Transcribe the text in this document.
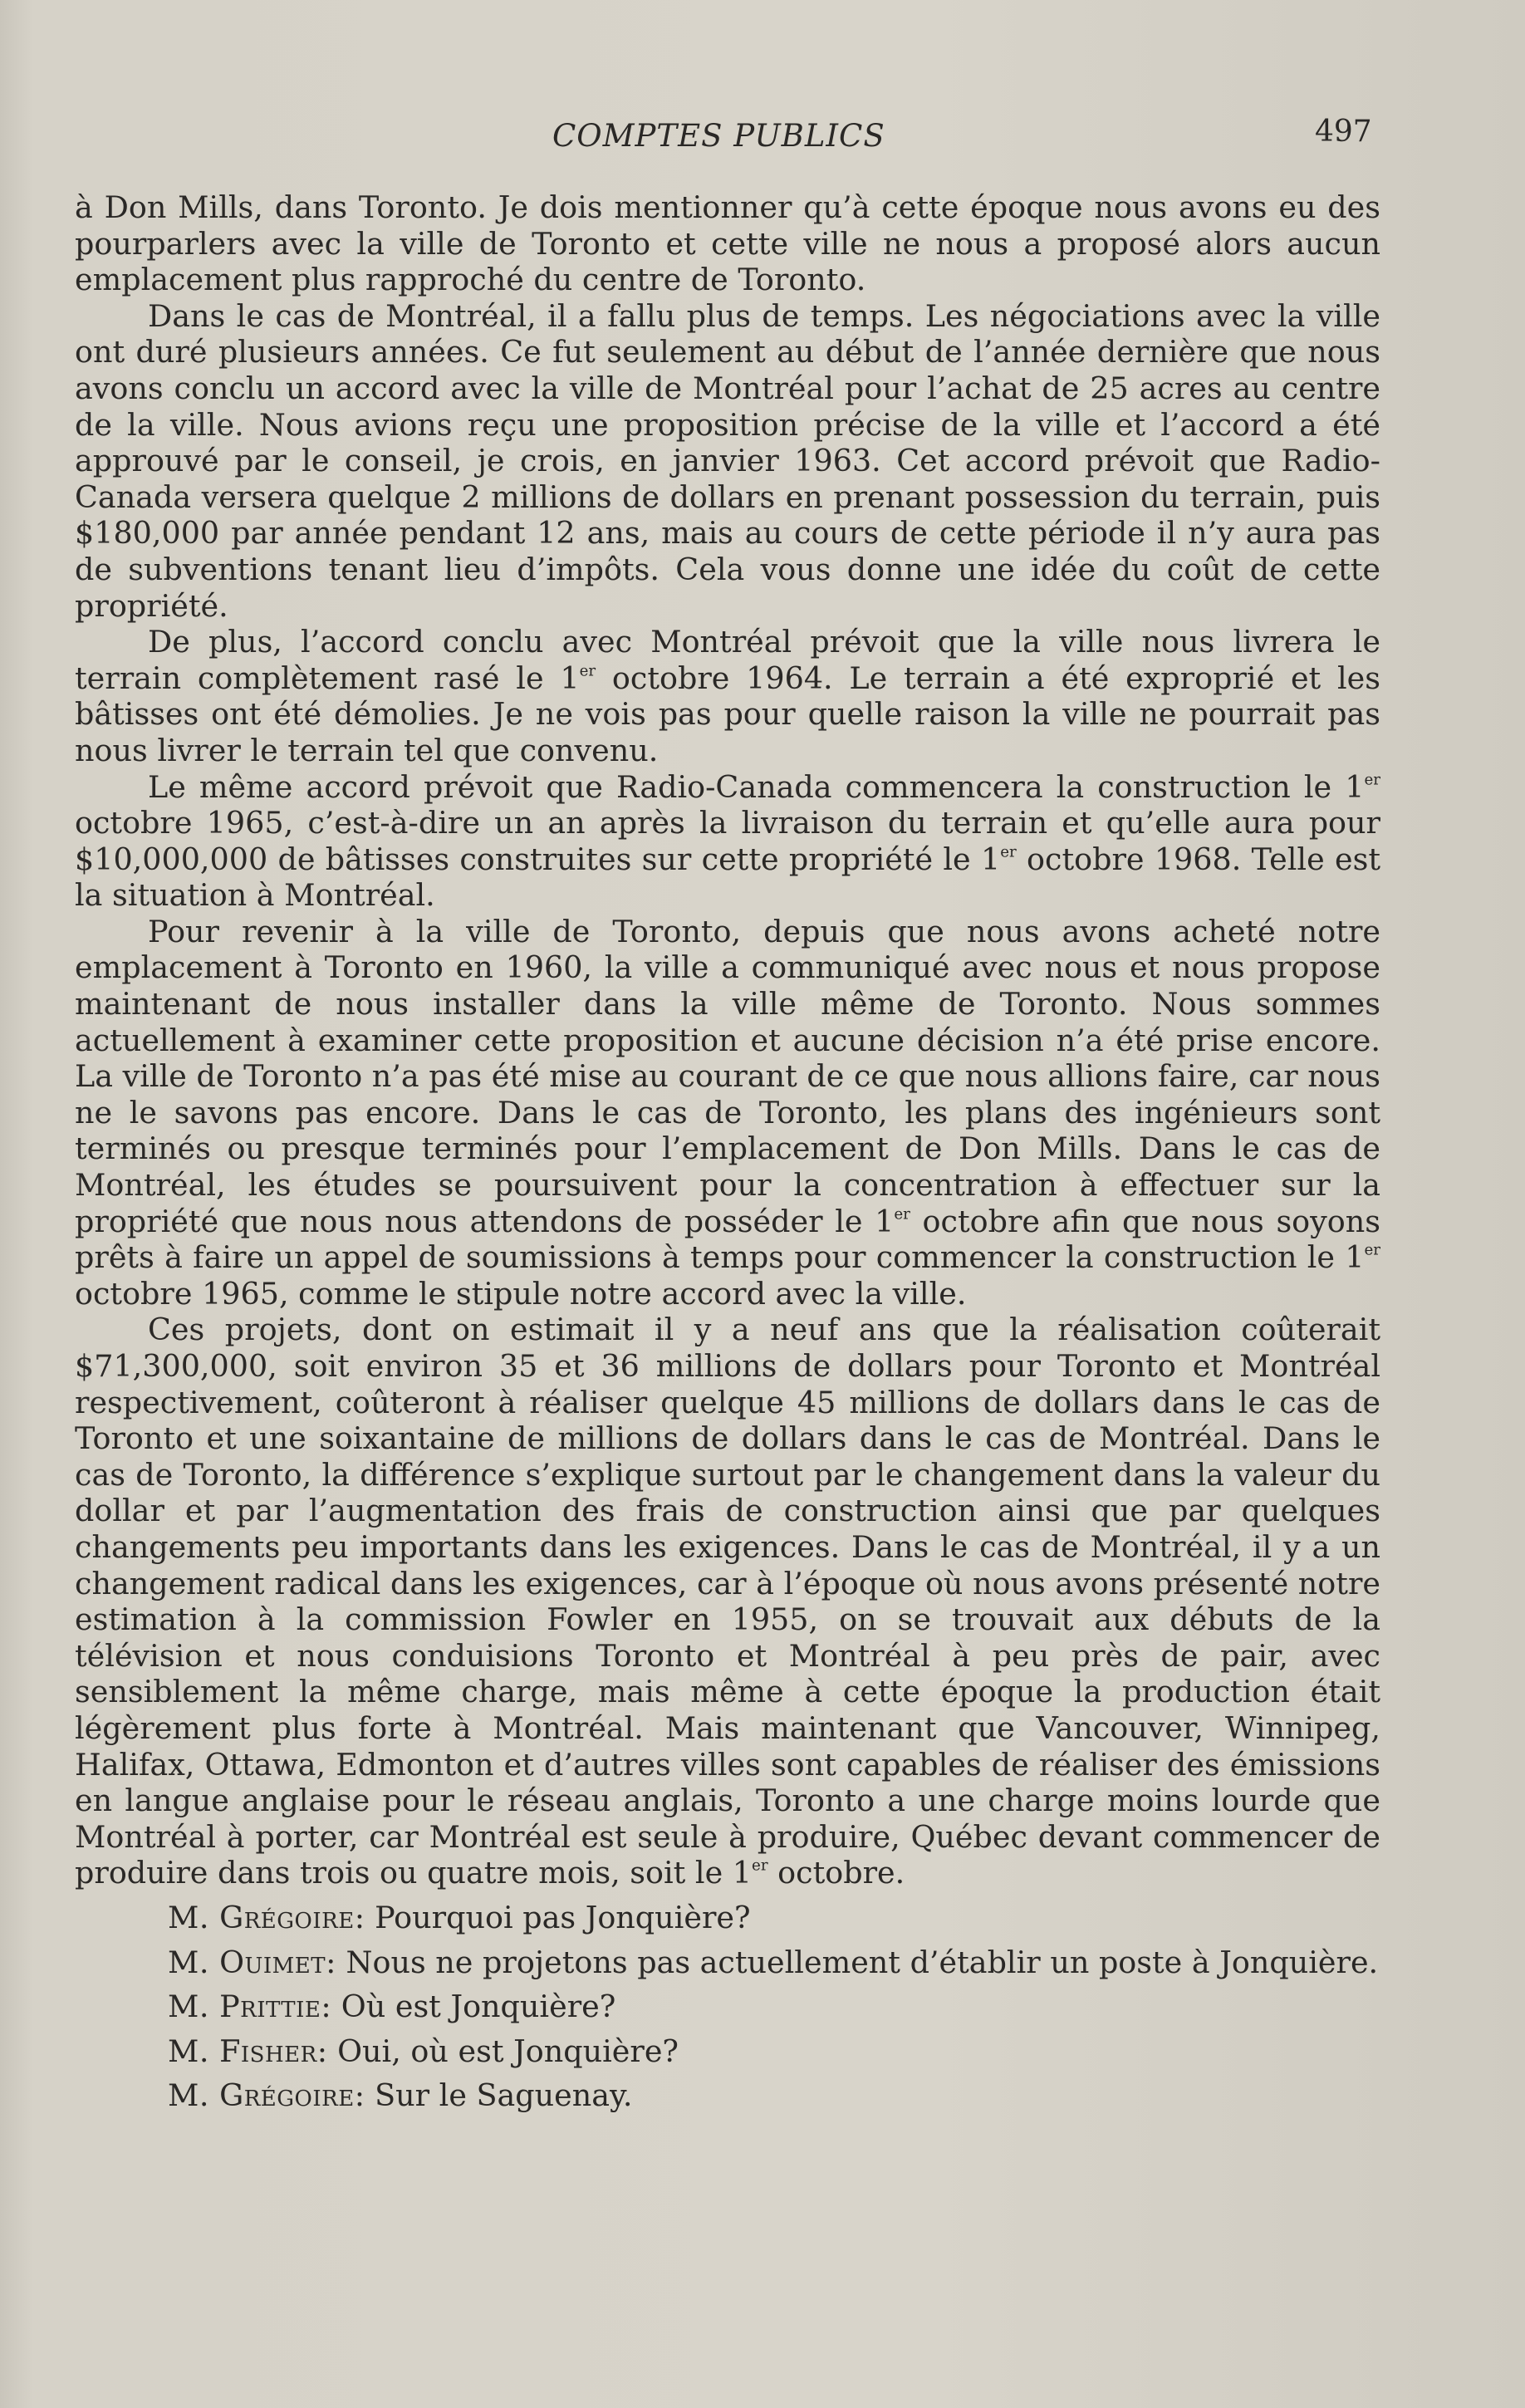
COMPTES PUBLICS	497

à Don Mills, dans Toronto. Je dois mentionner qu’à cette époque nous avons eu des pourparlers avec la ville de Toronto et cette ville ne nous a proposé alors aucun emplacement plus rapproché du centre de Toronto.

Dans le cas de Montréal, il a fallu plus de temps. Les négociations avec la ville ont duré plusieurs années. Ce fut seulement au début de l’année dernière que nous avons conclu un accord avec la ville de Montréal pour l’achat de 25 acres au centre de la ville. Nous avions reçu une proposition précise de la ville et l’accord a été approuvé par le conseil, je crois, en janvier 1963. Cet accord prévoit que Radio-Canada versera quelque 2 millions de dollars en prenant possession du terrain, puis $180,000 par année pendant 12 ans, mais au cours de cette période il n’y aura pas de subventions tenant lieu d’impôts. Cela vous donne une idée du coût de cette propriété.

De plus, l’accord conclu avec Montréal prévoit que la ville nous livrera le terrain complètement rasé le 1er octobre 1964. Le terrain a été exproprié et les bâtisses ont été démolies. Je ne vois pas pour quelle raison la ville ne pourrait pas nous livrer le terrain tel que convenu.

Le même accord prévoit que Radio-Canada commencera la construction le 1er octobre 1965, c’est-à-dire un an après la livraison du terrain et qu’elle aura pour $10,000,000 de bâtisses construites sur cette propriété le 1er octobre 1968. Telle est la situation à Montréal.

Pour revenir à la ville de Toronto, depuis que nous avons acheté notre emplacement à Toronto en 1960, la ville a communiqué avec nous et nous propose maintenant de nous installer dans la ville même de Toronto. Nous sommes actuellement à examiner cette proposition et aucune décision n’a été prise encore. La ville de Toronto n’a pas été mise au courant de ce que nous allions faire, car nous ne le savons pas encore. Dans le cas de Toronto, les plans des ingénieurs sont terminés ou presque terminés pour l’emplacement de Don Mills. Dans le cas de Montréal, les études se poursuivent pour la concentration à effectuer sur la propriété que nous nous attendons de posséder le 1er octobre afin que nous soyons prêts à faire un appel de soumissions à temps pour commencer la construction le 1er octobre 1965, comme le stipule notre accord avec la ville.

Ces projets, dont on estimait il y a neuf ans que la réalisation coûterait $71,300,000, soit environ 35 et 36 millions de dollars pour Toronto et Montréal respectivement, coûteront à réaliser quelque 45 millions de dollars dans le cas de Toronto et une soixantaine de millions de dollars dans le cas de Montréal. Dans le cas de Toronto, la différence s’explique surtout par le changement dans la valeur du dollar et par l’augmentation des frais de construction ainsi que par quelques changements peu importants dans les exigences. Dans le cas de Montréal, il y a un changement radical dans les exigences, car à l’époque où nous avons présenté notre estimation à la commission Fowler en 1955, on se trouvait aux débuts de la télévision et nous conduisions Toronto et Montréal à peu près de pair, avec sensiblement la même charge, mais même à cette époque la production était légèrement plus forte à Montréal. Mais maintenant que Vancouver, Winnipeg, Halifax, Ottawa, Edmonton et d’autres villes sont capables de réaliser des émissions en langue anglaise pour le réseau anglais, Toronto a une charge moins lourde que Montréal à porter, car Montréal est seule à produire, Québec devant commencer de produire dans trois ou quatre mois, soit le 1er octobre.

M. Grégoire: Pourquoi pas Jonquière?

M. Ouimet: Nous ne projetons pas actuellement d’établir un poste à Jonquière.

M. Prittie: Où est Jonquière?

M. Fisher: Oui, où est Jonquière?

M. Grégoire: Sur le Saguenay.
